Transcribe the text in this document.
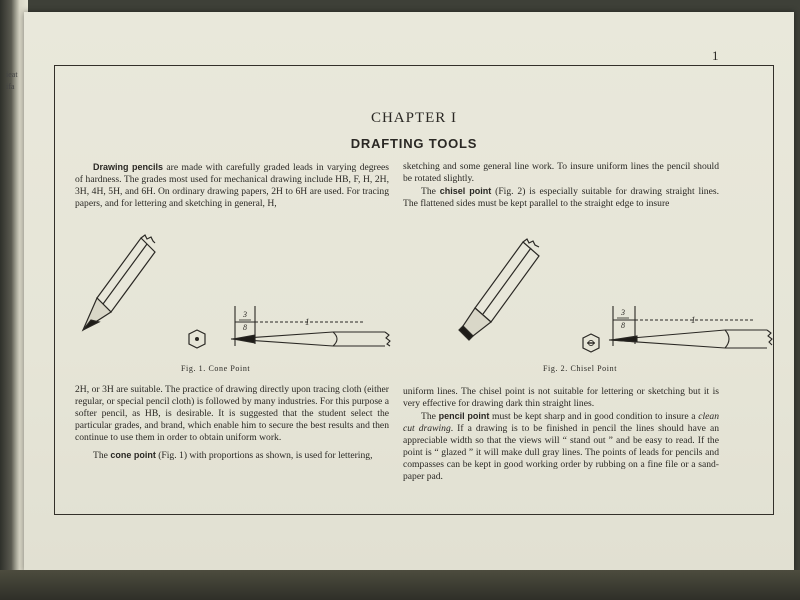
ieat
ifa
1
CHAPTER I
DRAFTING TOOLS

Drawing pencils are made with carefully graded leads in varying degrees of hardness. The grades most used for mechanical drawing include HB, F, H, 2H, 3H, 4H, 5H, and 6H. On ordinary drawing papers, 2H to 6H are used. For tracing papers, and for lettering and sketching in general, H,

sketching and some general line work. To insure uniform lines the pencil should be rotated slightly.

The chisel point (Fig. 2) is especially suitable for drawing straight lines. The flattened sides must be kept parallel to the straight edge to insure

3
8
1
Fig. 1. Cone Point
3
8
1
Fig. 2. Chisel Point

2H, or 3H are suitable. The practice of drawing directly upon tracing cloth (either regular, or special pencil cloth) is followed by many industries. For this purpose a softer pencil, as HB, is desirable. It is suggested that the student select the particular grades, and brand, which enable him to secure the best results and then continue to use them in order to obtain uniform work.

The cone point (Fig. 1) with proportions as shown, is used for lettering,

uniform lines. The chisel point is not suitable for lettering or sketching but it is very effective for drawing dark thin straight lines.

The pencil point must be kept sharp and in good condition to insure a clean cut drawing. If a drawing is to be finished in pencil the lines should have an appreciable width so that the views will “ stand out ” and be easy to read. If the point is “ glazed ” it will make dull gray lines. The points of leads for pencils and compasses can be kept in good working order by rubbing on a fine file or a sand-paper pad.
